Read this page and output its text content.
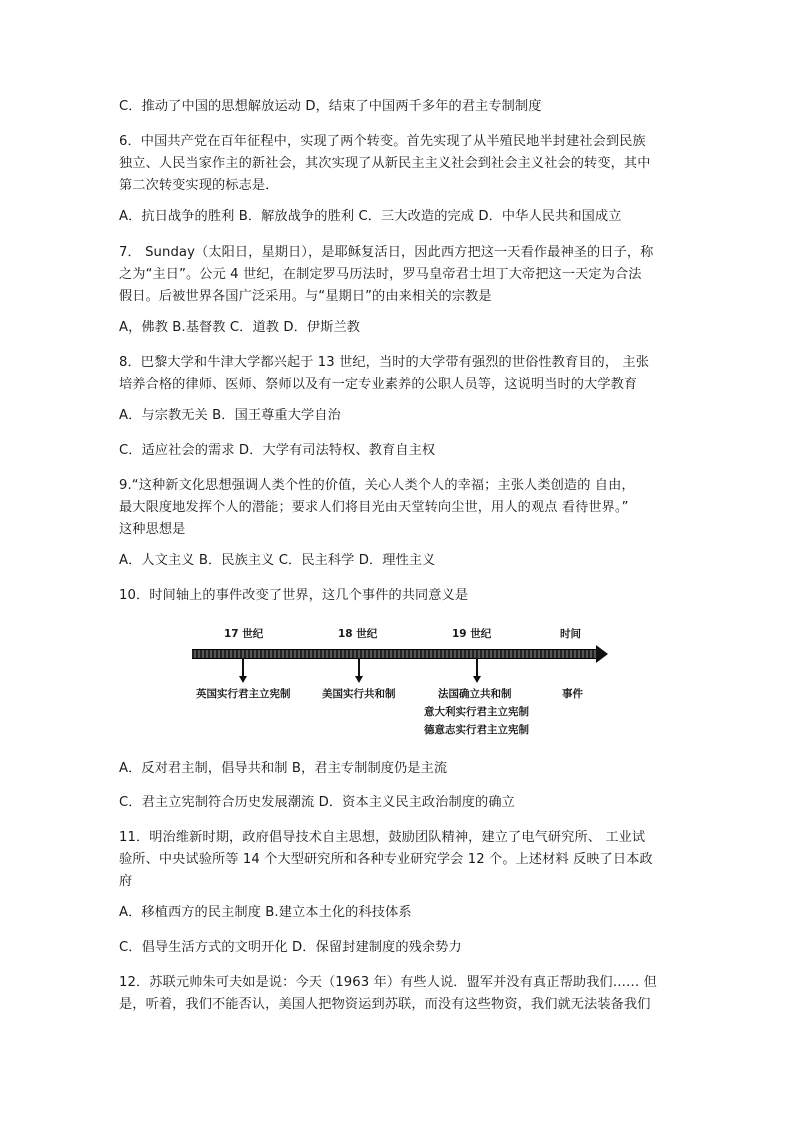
C．推动了中国的思想解放运动 D，结束了中国两千多年的君主专制制度
6．中国共产党在百年征程中，实现了两个转变。首先实现了从半殖民地半封建社会到民族
独立、人民当家作主的新社会，其次实现了从新民主主义社会到社会主义社会的转变，其中
第二次转变实现的标志是．
A．抗日战争的胜利 B．解放战争的胜利 C．三大改造的完成 D．中华人民共和国成立
7． Sunday（太阳日，星期日），是耶稣复活日，因此西方把这一天看作最神圣的日子，称
之为“主日”。公元 4 世纪，在制定罗马历法时，罗马皇帝君士坦丁大帝把这一天定为合法
假日。后被世界各国广泛采用。与“星期日”的由来相关的宗教是
A，佛教 B.基督教 C．道教 D．伊斯兰教
8．巴黎大学和牛津大学都兴起于 13 世纪，当时的大学带有强烈的世俗性教育目的， 主张
培养合格的律师、医师、祭师以及有一定专业素养的公职人员等，这说明当时的大学教育
A．与宗教无关 B．国王尊重大学自治
C．适应社会的需求 D．大学有司法特权、教育自主权
9.“这种新文化思想强调人类个性的价值，关心人类个人的幸福；主张人类创造的 自由，
最大限度地发挥个人的潜能；要求人们将目光由天堂转向尘世，用人的观点 看待世界。”
这种思想是
A．人文主义 B．民族主义 C．民主科学 D．理性主义
10．时间轴上的事件改变了世界，这几个事件的共同意义是
A．反对君主制，倡导共和制 B，君主专制制度仍是主流
C．君主立宪制符合历史发展潮流 D．资本主义民主政治制度的确立
11．明治维新时期，政府倡导技术自主思想，鼓励团队精神，建立了电气研究所、 工业试
验所、中央试验所等 14 个大型研究所和各种专业研究学会 12 个。上述材料 反映了日本政
府
A．移植西方的民主制度 B.建立本土化的科技体系
C．倡导生活方式的文明开化 D．保留封建制度的残余势力
12．苏联元帅朱可夫如是说：今天（1963 年）有些人说．盟军并没有真正帮助我们…… 但
是，听着，我们不能否认，美国人把物资运到苏联，而没有这些物资，我们就无法装备我们
17 世纪	18 世纪	19 世纪	时间
英国实行君主立宪制	美国实行共和制	法国确立共和制
意大利实行君主立宪制
德意志实行君主立宪制
事件
